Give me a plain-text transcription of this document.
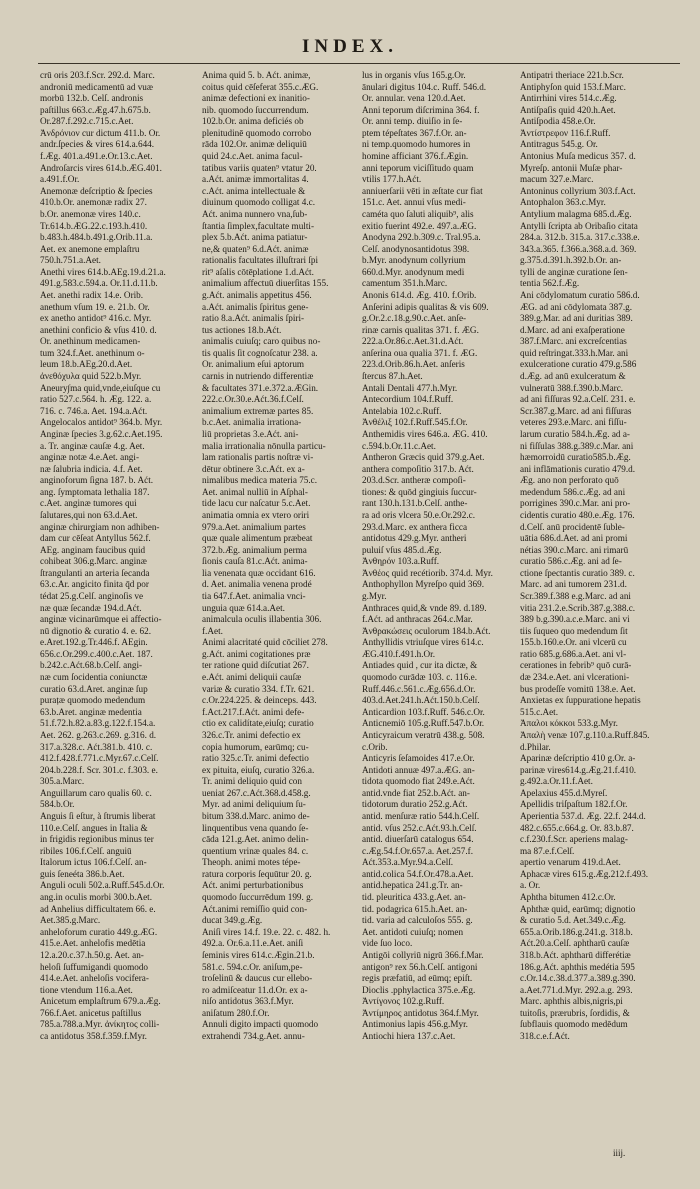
INDEX.
crū oris 203.f.Scr. 292.d. Marc.
androniū medicamentū ad vuæ
morbū 132.b. Celſ. andronis
paſtillus 663.c.Æg.47.h.675.b.
Or.287.f.292.c.715.c.Aet.
Ἀνδρόνιον cur dictum 411.b. Or.
andr.ſpecies & vires 614.a.644.
f.Æg. 401.a.491.e.Or.13.c.Aet.
Androſarcis vires 614.b.ÆG.401.
a.491.f.Or.
Anemonæ deſcriptio & ſpecies
410.b.Or. anemonæ radix 27.
b.Or. anemonæ vires 140.c.
Tr.614.b.ÆG.22.c.193.h.410.
b.483.h.484.b.491.g.Orib.11.a.
Aet. ex anemone emplaſtru
750.h.751.a.Aet.
Anethi vires 614.b.AEg.19.d.21.a.
491.g.583.c.594.a. Or.11.d.11.b.
Aet. anethi radix 14.e. Orib.
anethum vſum 19. e. 21.b. Or.
ex anetho antidot⁹ 416.c. Myr.
anethini conficio & vſus 410. d.
Or. anethinum medicamen-
tum 324.f.Aet. anethinum o-
leum 18.b.AEg.20.d.Aet.
ἀνεθόχυλα quid 522.b.Myr.
Aneury∫ma quid,vnde,eiuſque cu
ratio 527.c.564. h. Æg. 122. a.
716. c. 746.a. Aet. 194.a.Aćt.
Angelocalos antidot⁹ 364.b. Myr.
Anginæ ſpecies 3.g.62.c.Aet.195.
a. Tr. anginæ cauſæ 4.g. Aet.
anginæ notæ 4.e.Aet. angi-
næ ſalubria indicia. 4.f. Aet.
anginoforum ſigna 187. b. Aćt.
ang. ſymptomata lethalia 187.
c.Aet. anginæ tumores qui
ſalutares,qui non 63.d.Aet.
anginæ chirurgiam non adhiben-
dam cur cēſeat Antyllus 562.f.
AEg. anginam faucibus quid
cohibeat 306.g.Marc. anginæ
ſtrangulanti an arteria ſecanda
63.c.Ar. angicito finita q̄d por
tédat 25.g.Celſ. anginoſis ve
næ quæ ſecandæ 194.d.Aćt.
anginæ vicinarūmque ei affectio-
nū dignotio & curatio 4. e. 62.
e.Aret.192.g.Tr.446.f. AEgin.
656.c.Or.299.c.400.c.Aet. 187.
b.242.c.Aćt.68.b.Celſ. angi-
næ cum ſocidentia coniunctæ
curatio 63.d.Aret. anginæ ſup
purațæ quomodo medendum
63.b.Aret. anginæ medentia
51.f.72.h.82.a.83.g.122.f.154.a.
Aet. 262. g.263.c.269. g.316. d.
317.a.328.c. Aćt.381.b. 410. c.
412.f.428.f.771.c.Myr.67.c.Celſ.
204.b.228.f. Scr. 301.c. f.303. e.
305.a.Marc.
Anguillarum caro qualis 60. c.
584.b.Or.
Anguis ſi eſtur, à ſtrumis liberat
110.e.Celſ. angues in Italia &
in frigidis regionibus minus ter
ribiles 106.f.Celſ. anguiū
Italorum ictus 106.f.Celſ. an-
guis ſeneéta 386.b.Aet.
Anguli oculi 502.a.Ruff.545.d.Or.
ang.in oculis morbi 300.b.Aet.
ad Anhelius difficultatem 66. e.
Aet.385.g.Marc.
anheloforum curatio 449.g.ÆG.
415.e.Aet. anhelofis medētia
12.a.20.c.37.h.50.g. Aet. an-
heloſi ſuffumigandi quomodo
414.e.Aet. anheloſis vocifera-
tione vtendum 116.a.Aet.
Anicetum emplaſtrum 679.a.Æg.
766.f.Aet. anicetus paſtillus
785.a.788.a.Myr. ἀνίκητος colli-
ca antidotus 358.f.359.f.Myr.
Anima quid 5. b. Aćt. animæ,
coitus quid cēſeferat 355.c.ÆG.
animæ defectioni ex inanitio-
nib. quomodo ſuccurrendum.
102.b.Or. anima deficiés ob
plenitudinē quomodo corrobo
rāda 102.Or. animæ deliquiū
quid 24.c.Aet. anima facul-
tatibus variis quaten⁹ vtatur 20.
a.Aćt. animæ immortalitas 4.
c.Aćt. anima intellectuale &
diuinum quomodo colligat 4.c.
Aćt. anima nunnero vna,ſub-
ſtantia ſimplex,facultate multi-
plex 5.b.Aćt. anima patiatur-
ne,& quaten⁹ 6.d.Aćt. animæ
rationalis facultates illuſtrari ſpi
rit⁹ aſalis cōtēplatione 1.d.Aćt.
animalium affectuū diuerſitas 155.
g.Aćt. animalis appetitus 456.
a.Aćt. animalis ſpiritus gene-
ratio 8.a.Aćt. animalis ſpiri-
tus actiones 18.b.Aćt.
animalis cuiuſq; caro quibus no-
tis qualis ſit cognoſcatur 238. a.
Or. animalium eſui aptorum
carnis in nutriendo differentiæ
& facultates 371.e.372.a.ÆGin.
222.c.Or.30.e.Aćt.36.f.Celſ.
animalium extremæ partes 85.
b.c.Aet. animalia irrationa-
liū proprietas 3.e.Aćt. ani-
malia irrationalia nōnulla particu-
lam rationalis partis noſtræ vi-
dētur obtinere 3.c.Aćt. ex a-
nimalibus medica materia 75.c.
Aet. animal nulliū in Aſphal-
tide lacu cur naſcatur 5.c.Aet.
animatia omnia ex vtero oriri
979.a.Aet. animalium partes
quæ quale alimentum præbeat
372.b.Æg. animalium perma
ſionis cauſa 81.c.Aćt. anima-
lia venenata quæ occidant 616.
d. Aet. animalia venena prodé
tia 647.f.Aet. animalia vnci-
unguia quæ 614.a.Aet.
animalcula oculis illabentia 306.
f.Aet.
Animi alacritaté quid cōciliet 278.
g.Aćt. animi cogitationes præ
ter ratione quid diſcutiat 267.
e.Aćt. animi deliquii cauſæ
variæ & curatio 334. f.Tr. 621.
c.Or.224.225. & deinceps. 443.
f.Act.217.f.Aćt. animi defe-
ctio ex calidítate,eiuſq; curatio
326.c.Tr. animi defectio ex
copia humorum, earūmq; cu-
ratio 325.c.Tr. animi defectio
ex pituita, eiuſq, curatio 326.a.
Tr. animi deliquio quid con
ueniat 267.c.Aćt.368.d.458.g.
Myr. ad animi deliquium ſu-
bitum 338.d.Marc. animo de-
linquentibus vena quando ſe-
cāda 121.g.Aet. animo delin-
quentium vrinæ quales 84. c.
Theoph. animi motes tépe-
ratura corporis ſequūtur 20. g.
Aćt. animi perturbationibus
quomodo ſuccurrēdum 199. g.
Aćt.animi remiſſio quid con-
ducat 349.g.Æg.
Aniſi vires 14.f. 19.e. 22. c. 482. h.
492.a. Or.6.a.11.e.Aet. aniſi
ſeminis vires 614.c.Ægin.21.b.
581.c. 594.c.Or. aniſum,pe-
troſelinū & daucus cur ellebo-
ro admiſceatur 11.d.Or. ex a-
niſo antidotus 363.f.Myr.
aniſatum 280.f.Or.
Annuli digito impacti quomodo
extrahendi 734.g.Aet. annu-
lus in organis vſus 165.g.Or.
ānulari digitus 104.c. Ruff. 546.d.
Or. annular. vena 120.d.Aet.
Anni teporum diſcrimina 364. f.
Or. anni temp. diuiſio in ſe-
ptem tépeſtates 367.f.Or. an-
ni temp.quomodo humores in
homine afficiant 376.f.Ægin.
anni teporum viciſſitudo quam
vtilis 177.h.Aćt.
anniuerſarii vēti in æſtate cur fiat
151.c. Aet. annui vſus medi-
caméta quo ſaluti aliquib⁹, alis
exitio fuerint 492.e. 497.a.ÆG.
Anodyna 292.b.309.c. Tral.95.a.
Celſ. anodynosantidotus 398.
b.Myr. anodynum collyrium
660.d.Myr. anodynum medi
camentum 351.h.Marc.
Anonis 614.d. Æg. 410. f.Orib.
Anſerini adipis qualitas & vis 609.
g.Or.2.c.18.g.90.c.Aet. anſe-
rinæ carnis qualitas 371. f. ÆG.
222.a.Or.86.c.Aet.31.d.Aćt.
anſerina oua qualia 371. f. ÆG.
223.d.Orib.86.h.Aet. anſeris
ſtercus 87.h.Aet.
Antali Dentali 477.h.Myr.
Antecordium 104.f.Ruff.
Antelabia 102.c.Ruff.
Ἀνθέλιξ 102.f.Ruff.545.f.Or.
Anthemidis vires 646.a. ÆG. 410.
c.594.b.Or.11.c.Aet.
Antheron Græcis quid 379.g.Aet.
anthera compoſitio 317.b. Aćt.
203.d.Scr. antheræ compoſi-
tiones: & quōd gingiuis ſuccur-
rant 130.h.131.b.Celſ. anthe-
ra ad oris vlcera 50.e.Or.292.c.
293.d.Marc. ex anthera ficca
antidotus 429.g.Myr. antheri
puluiſ vſus 485.d.Æg.
Ἀνθηρόν 103.a.Ruff.
Ἀνθέος quid recétiorib. 374.d. Myr.
Anthophyllon Myreſpo quid 369.
g.Myr.
Anthraces quid,& vnde 89. d.189.
f.Aćt. ad anthracas 264.c.Mar.
Ἀνθρακώσεις oculorum 184.b.Aćt.
Anthyllidis vtriuſque vires 614.c.
ÆG.410.f.491.h.Or.
Antiades quid , cur ita dictæ, &
quomodo curādæ 103. c. 116.e.
Ruff.446.c.561.c.Æg.656.d.Or.
403.d.Aet.241.h.Aćt.150.b.Celſ.
Anticardion 103.f.Ruff. 546.c.Or.
Anticnemiō 105.g.Ruff.547.b.Or.
Anticyraicum veratrū 438.g. 508.
c.Orib.
Anticyris ſeſamoides 417.e.Or.
Antidoti annuæ 497.a.ÆG. an-
tidota quomodo fiat 249.e.Aćt.
antid.vnde fiat 252.b.Aćt. an-
tidotorum duratio 252.g.Aćt.
antid. menſuræ ratio 544.h.Celſ.
antid. vſus 252.c.Aćt.93.h.Celſ.
antid. diuerſarū catalogus 654.
c.Æg.54.f.Or.657.a. Aet.257.f.
Aćt.353.a.Myr.94.a.Celſ.
antid.colica 54.f.Or.478.a.Aet.
antid.hepatica 241.g.Tr. an-
tid. pleuritica 433.g.Aet. an-
tid. podagrica 615.h.Aet. an-
tid. varia ad calculoſos 555. g.
Aet. antidoti cuiuſq; nomen
vide ſuo loco.
Antigōi collyriū nigrū 366.f.Mar.
antigon⁹ rex 56.h.Celſ. antigoni
regis præfatiū, ad eūmq; epiſt.
Dioclis .pphylactica 375.e.Æg.
Ἀντίγονος 102.g.Ruff.
Ἀντίμηρος antidotus 364.f.Myr.
Antimonius lapis 456.g.Myr.
Antiochi hiera 137.c.Aet.
Antipatri theriace 221.b.Scr.
Antiphyſon quid 153.f.Marc.
Antirrhini vires 514.c.Æg.
Antiſpaſis quid 420.h.Aet.
Antiſpodia 458.e.Or.
Ἀντίστρεφον 116.f.Ruff.
Antitragus 545.g. Or.
Antonius Muſa medicus 357. d.
Myreſp. antonii Muſæ phar-
macum 327.e.Marc.
Antoninus collyrium 303.f.Act.
Antophalon 363.c.Myr.
Antylium malagma 685.d.Æg.
Antylli ſcripta ab Oribaſio citata
284.a. 312.b. 315.a. 317.c.338.e.
343.a.365. f.366.a.368.a.d. 369.
g.375.d.391.h.392.b.Or. an-
tylli de anginæ curatione ſen-
tentia 562.f.Æg.
Ani cōdylomatum curatio 586.d.
ÆG. ad ani cōdylomata 387.g.
389.g.Mar. ad ani duritias 389.
d.Marc. ad ani exaſperatione
387.f.Marc. ani excreſcentias
quid reſtringat.333.h.Mar. ani
exulceratione curatio 479.g.586
d.Æg. ad anū exulceratum &
vulneratū 388.f.390.b.Marc.
ad ani fiſſuras 92.a.Celſ. 231. e.
Scr.387.g.Marc. ad ani fiſſuras
veteres 293.e.Marc. ani fiſſu-
larum curatio 584.h.Æg. ad a-
ni fiſſulas 388.g.389.c.Mar. ani
hæmorroidū curatio585.b.Æg.
ani inflāmationis curatio 479.d.
Æg. ano non perforato quō
medendum 586.c.Æg. ad ani
porrigines 390.c.Mar. ani pro-
cidentis curatio 480.e.Æg. 176.
d.Celſ. anū procidentē ſuble-
uātia 686.d.Aet. ad ani promi
nétias 390.c.Marc. ani rimarū
curatio 586.c.Æg. ani ad ſe-
ctione ſpectantis curatio 389. c.
Marc. ad ani tumorem 231.d.
Scr.389.f.388 e.g.Marc. ad ani
vitia 231.2.e.Scrib.387.g.388.c.
389 b.g.390.a.c.e.Marc. ani vi
tiis ſuqueo quo medendum ſit
155.b.160.e.Or. ani vlcerū cu
ratio 685.g.686.a.Aet. ani vl-
cerationes in febrib⁹ quō curā-
dæ 234.e.Aet. ani vlcerationi-
bus prodeſſe vomitū 138.e. Aet.
Anxietas ex ſuppuratione hepatis
515.c.Aet.
Ἀπαλοι κόκκοι 533.g.Myr.
Ἀπαλὴ venæ 107.g.110.a.Ruff.845.
d.Philar.
Aparinæ deſcriptio 410 g.Or. a-
parinæ vires614.g.Æg.21.f.410.
g.492.a.Or.11.f.Aet.
Apelaxius 455.d.Myreſ.
Apellidis triſpaſtum 182.f.Or.
Aperientia 537.d. Æg. 22.f. 244.d.
482.c.655.c.664.g. Or. 83.b.87.
c.f.230.f.Scr. aperiens malag-
ma 87.e.f.Celſ.
apertio venarum 419.d.Aet.
Aphacæ vires 615.g.Æg.212.f.493.
a. Or.
Aphtha bitumen 412.c.Or.
Aphthæ quid, earūmq; dignotio
& curatio 5.d. Aet.349.c.Æg.
655.a.Orib.186.g.241.g. 318.b.
Aćt.20.a.Celſ. aphtharū cauſæ
318.b.Aćt. aphtharū differétiæ
186.g.Aćt. aphthis medétia 595
c.Or.14.c.38.d.377.a.389.g.390.
a.Aet.771.d.Myr. 292.a.g. 293.
Marc. aphthis albis,nigris,pi
tuitoſis, prærubris, ſordidis, &
ſubflauis quomodo medēdum
318.c.e.f.Aćt.
iiij.
